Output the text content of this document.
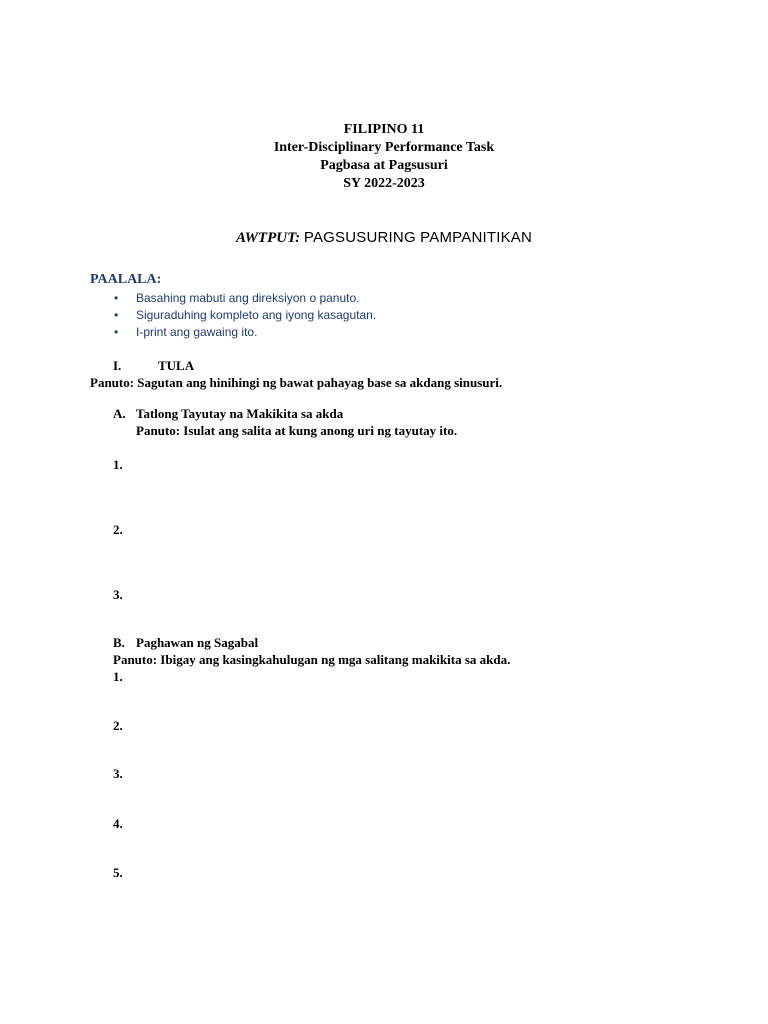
FILIPINO 11
Inter-Disciplinary Performance Task
Pagbasa at Pagsusuri
SY 2022-2023
AWTPUT: PAGSUSURING PAMPANITIKAN
PAALALA:
• Basahing mabuti ang direksiyon o panuto.
• Siguraduhing kompleto ang iyong kasagutan.
• I-print ang gawaing ito.
I.	TULA
Panuto: Sagutan ang hinihingi ng bawat pahayag base sa akdang sinusuri.
A. Tatlong Tayutay na Makikita sa akda
Panuto: Isulat ang salita at kung anong uri ng tayutay ito.
1.
2.
3.
B. Paghawan ng Sagabal
Panuto: Ibigay ang kasingkahulugan ng mga salitang makikita sa akda.
1.
2.
3.
4.
5.
